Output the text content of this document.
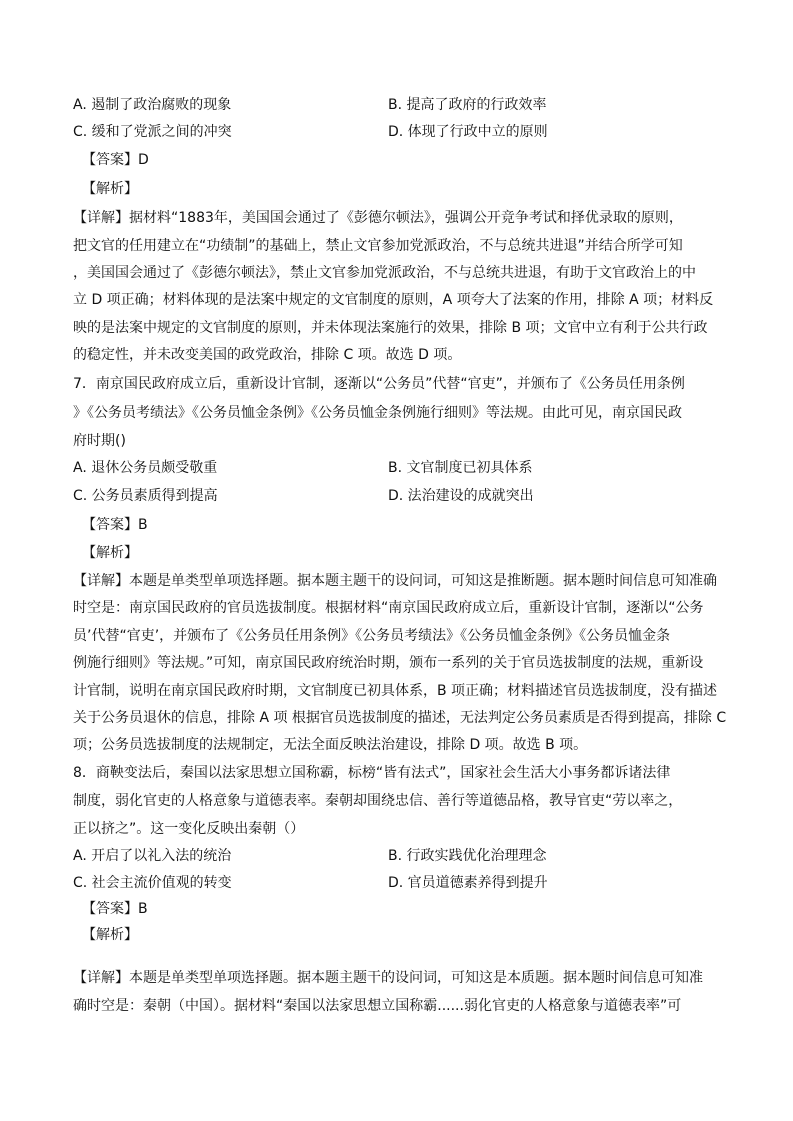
A. 遏制了政治腐败的现象	B. 提高了政府的行政效率
C. 缓和了党派之间的冲突	D. 体现了行政中立的原则
【答案】D
【解析】
【详解】据材料“1883年，美国国会通过了《彭德尔顿法》，强调公开竞争考试和择优录取的原则，
把文官的任用建立在“功绩制”的基础上，禁止文官参加党派政治，不与总统共进退”并结合所学可知
，美国国会通过了《彭德尔顿法》，禁止文官参加党派政治，不与总统共进退，有助于文官政治上的中
立 D 项正确；材料体现的是法案中规定的文官制度的原则，A 项夸大了法案的作用，排除 A 项；材料反
映的是法案中规定的文官制度的原则，并未体现法案施行的效果，排除 B 项；文官中立有利于公共行政
的稳定性，并未改变美国的政党政治，排除 C 项。故选 D 项。
7．南京国民政府成立后，重新设计官制，逐渐以“公务员”代替“官吏”，并颁布了《公务员任用条例
》《公务员考绩法》《公务员恤金条例》《公务员恤金条例施行细则》等法规。由此可见，南京国民政
府时期()
A. 退休公务员颇受敬重	B. 文官制度已初具体系
C. 公务员素质得到提高	D. 法治建设的成就突出
【答案】B
【解析】
【详解】本题是单类型单项选择题。据本题主题干的设问词，可知这是推断题。据本题时间信息可知准确
时空是：南京国民政府的官员选拔制度。根据材料“南京国民政府成立后，重新设计官制，逐渐以“公务
员’代替“官吏’，并颁布了《公务员任用条例》《公务员考绩法》《公务员恤金条例》《公务员恤金条
例施行细则》等法规。”可知，南京国民政府统治时期，颁布一系列的关于官员选拔制度的法规，重新设
计官制，说明在南京国民政府时期，文官制度已初具体系，B 项正确；材料描述官员选拔制度，没有描述
关于公务员退休的信息，排除 A 项 根据官员选拔制度的描述，无法判定公务员素质是否得到提高，排除 C
项；公务员选拔制度的法规制定，无法全面反映法治建设，排除 D 项。故选 B 项。
8．商鞅变法后，秦国以法家思想立国称霸，标榜“皆有法式”，国家社会生活大小事务都诉诸法律
制度，弱化官吏的人格意象与道德表率。秦朝却围绕忠信、善行等道德品格，教导官吏“劳以率之，
正以挤之”。这一变化反映出秦朝（）
A. 开启了以礼入法的统治	B. 行政实践优化治理理念
C. 社会主流价值观的转变	D. 官员道德素养得到提升
【答案】B
【解析】
【详解】本题是单类型单项选择题。据本题主题干的设问词，可知这是本质题。据本题时间信息可知准
确时空是：秦朝（中国）。据材料“秦国以法家思想立国称霸......弱化官吏的人格意象与道德表率”可
